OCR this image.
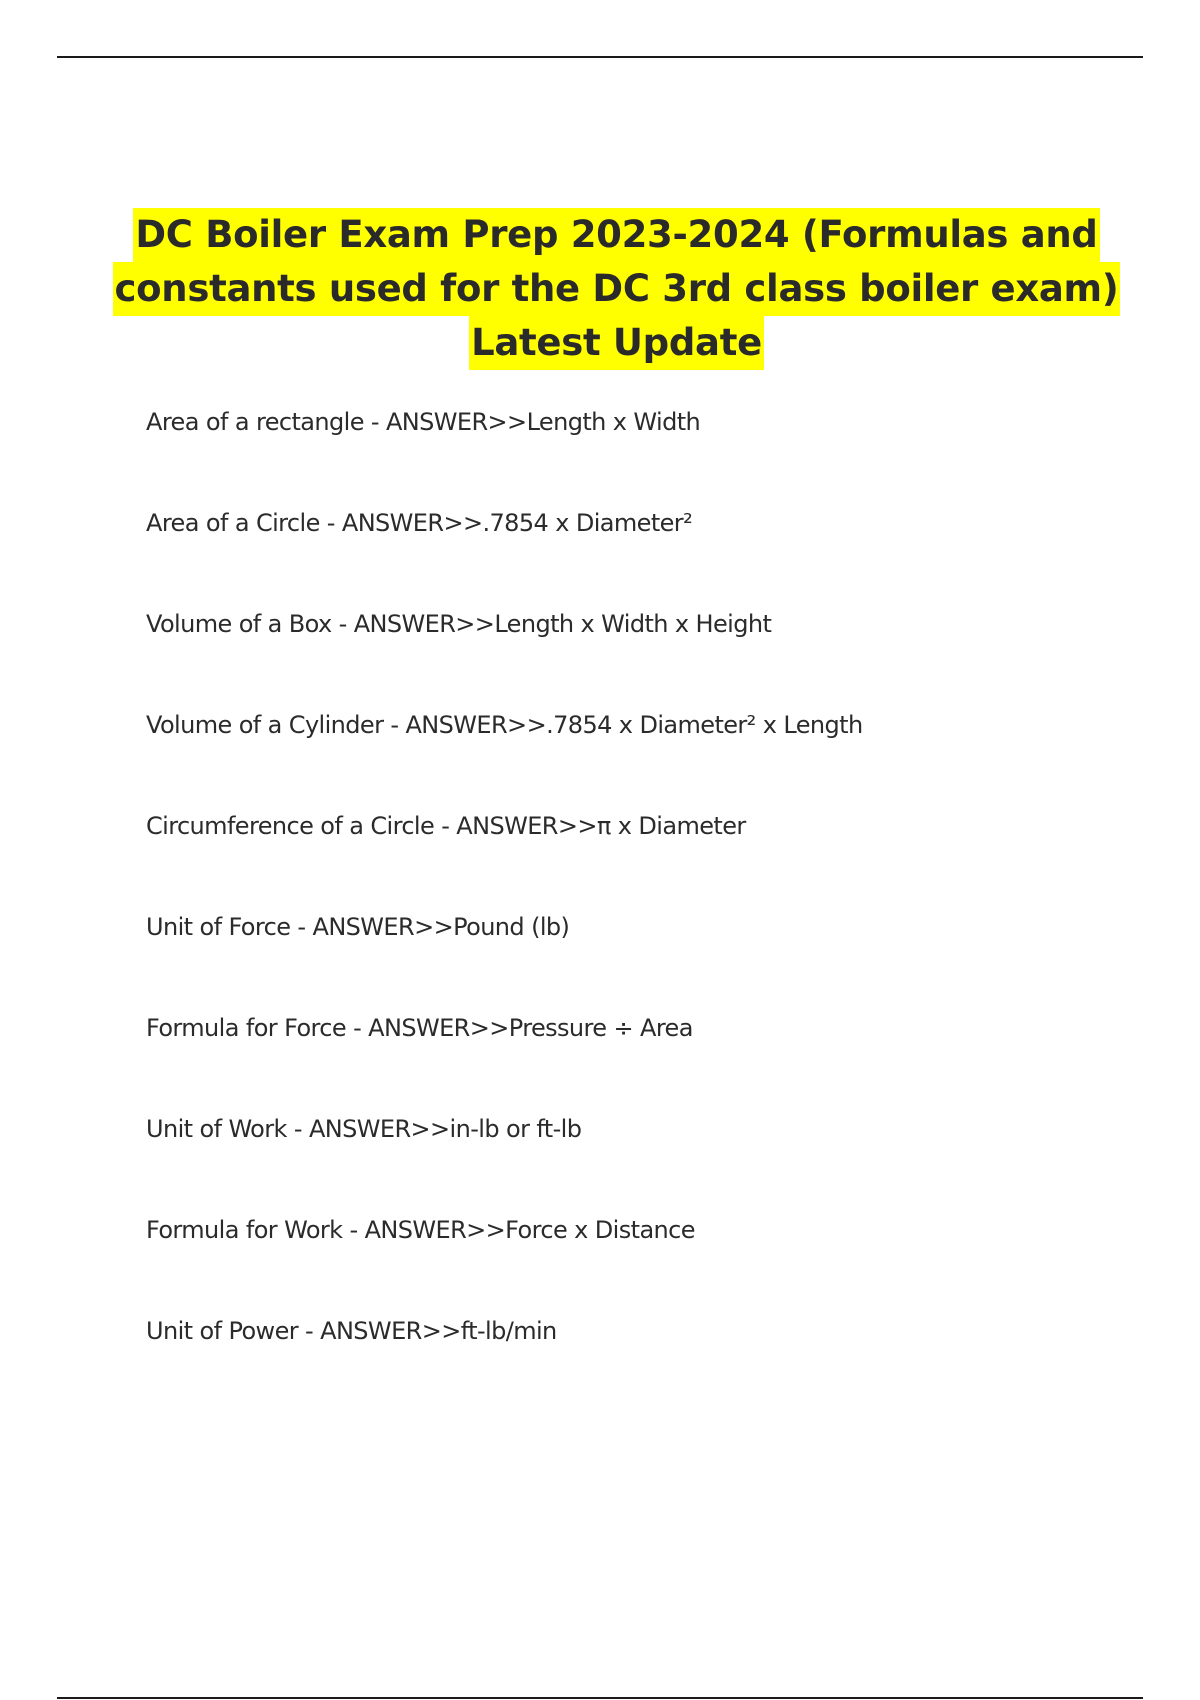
DC Boiler Exam Prep 2023-2024 (Formulas and
constants used for the DC 3rd class boiler exam)
Latest Update
Area of a rectangle - ANSWER>>Length x Width
Area of a Circle - ANSWER>>.7854 x Diameter²
Volume of a Box - ANSWER>>Length x Width x Height
Volume of a Cylinder - ANSWER>>.7854 x Diameter² x Length
Circumference of a Circle - ANSWER>>π x Diameter
Unit of Force - ANSWER>>Pound (lb)
Formula for Force - ANSWER>>Pressure ÷ Area
Unit of Work - ANSWER>>in-lb or ft-lb
Formula for Work - ANSWER>>Force x Distance
Unit of Power - ANSWER>>ft-lb/min
